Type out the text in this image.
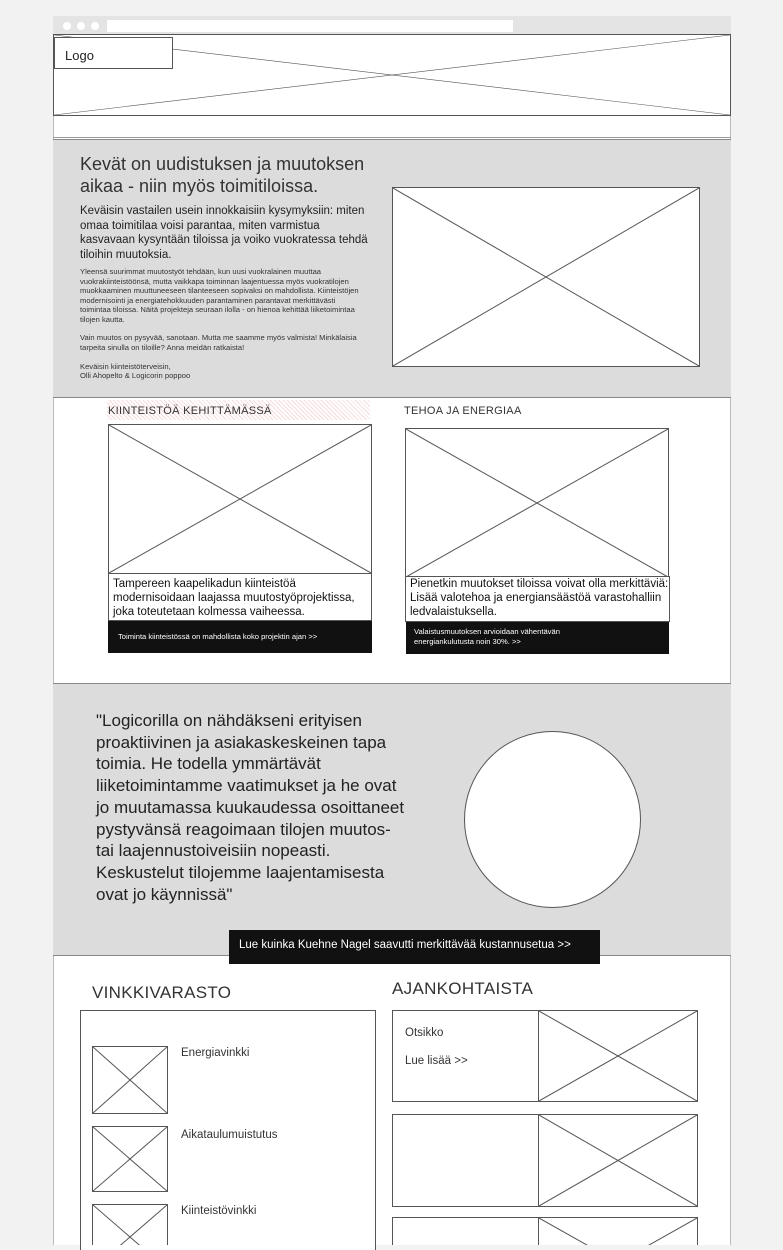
Logo
Kevät on uudistuksen ja muutoksen aikaa - niin myös toimitiloissa.
Keväisin vastailen usein innokkaisiin kysymyksiin: miten omaa toimitilaa voisi parantaa, miten varmistua kasvavaan kysyntään tiloissa ja voiko vuokratessa tehdä tiloihin muutoksia.
Yleensä suurimmat muutostyöt tehdään, kun uusi vuokralainen muuttaa vuokrakiinteistöönsä, mutta vaikkapa toiminnan laajentuessa myös vuokratilojen muokkaaminen muuttuneeseen tilanteeseen sopivaksi on mahdollista. Kiinteistöjen modernisointi ja energiatehokkuuden parantaminen parantavat merkittävästi toimintaa tiloissa. Näitä projekteja seuraan ilolla - on hienoa kehittää liiketoimintaa tilojen kautta.
Vain muutos on pysyvää, sanotaan. Mutta me saamme myös valmista! Minkälaisia tarpeita sinulla on tiloille? Anna meidän ratkaista!
Keväisin kiinteistöterveisin,
Olli Ahopelto & Logicorin poppoo
KIINTEISTÖÄ KEHITTÄMÄSSÄ
Tampereen kaapelikadun kiinteistöä modernisoidaan laajassa muutostyöprojektissa, joka toteutetaan kolmessa vaiheessa.
Toiminta kiinteistössä on mahdollista koko projektin ajan >>
TEHOA JA ENERGIAA
Pienetkin muutokset tiloissa voivat olla merkittäviä: Lisää valotehoa ja energiansäästöä varastohalliin ledvalaistuksella.
Valaistusmuutoksen arvioidaan vähentävän energiankulutusta noin 30%. >>
"Logicorilla on nähdäkseni erityisen proaktiivinen ja asiakaskeskeinen tapa toimia. He todella ymmärtävät liiketoimintamme vaatimukset ja he ovat jo muutamassa kuukaudessa osoittaneet pystyvänsä reagoimaan tilojen muutos- tai laajennustoiveisiin nopeasti. Keskustelut tilojemme laajentamisesta ovat jo käynnissä"
Lue kuinka Kuehne Nagel saavutti merkittävää kustannusetua >>
VINKKIVARASTO
Energiavinkki
Aikataulumuistutus
Kiinteistövinkki
AJANKOHTAISTA
Otsikko
Lue lisää >>
